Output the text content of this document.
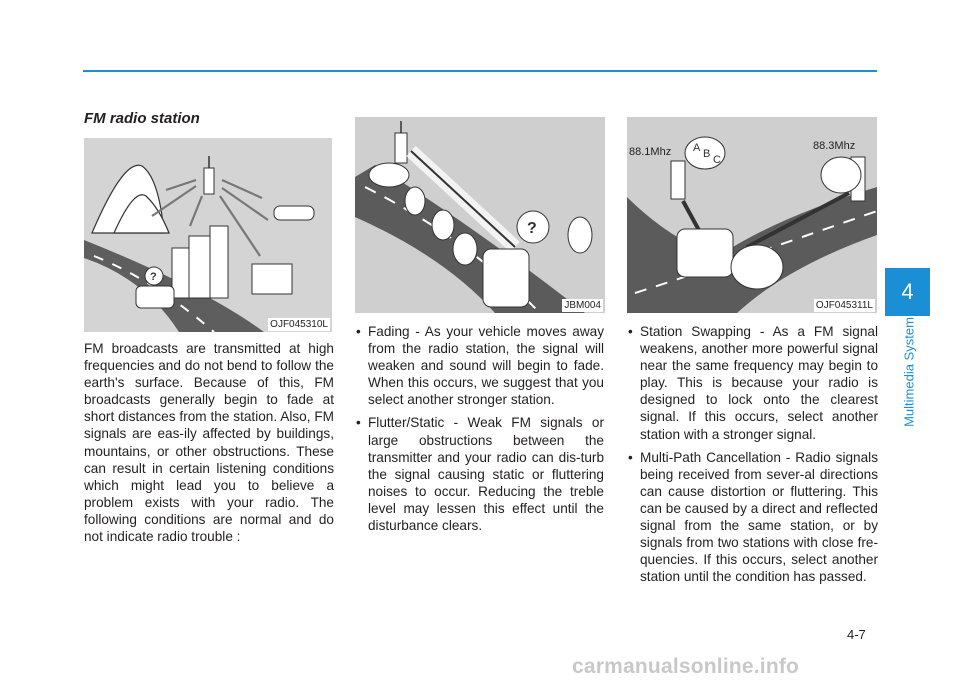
FM radio station
?
OJF045310L
?
JBM004
88.1Mhz	88.3Mhz
A B C
OJF045311L

FM broadcasts are transmitted at high frequencies and do not bend to follow the earth's surface. Because of this, FM broadcasts generally begin to fade at short distances from the station. Also, FM signals are eas-ily affected by buildings, mountains, or other obstructions. These can result in certain listening conditions which might lead you to believe a problem exists with your radio. The following conditions are normal and do not indicate radio trouble :

• Fading - As your vehicle moves away from the radio station, the signal will weaken and sound will begin to fade. When this occurs, we suggest that you select another stronger station.
• Flutter/Static - Weak FM signals or large obstructions between the transmitter and your radio can dis-turb the signal causing static or fluttering noises to occur. Reducing the treble level may lessen this effect until the disturbance clears.
• Station Swapping - As a FM signal weakens, another more powerful signal near the same frequency may begin to play. This is because your radio is designed to lock onto the clearest signal. If this occurs, select another station with a stronger signal.
• Multi-Path Cancellation - Radio signals being received from sever-al directions can cause distortion or fluttering. This can be caused by a direct and reflected signal from the same station, or by signals from two stations with close fre-quencies. If this occurs, select another station until the condition has passed.
4
Multimedia System
4-7
carmanualsonline.info
